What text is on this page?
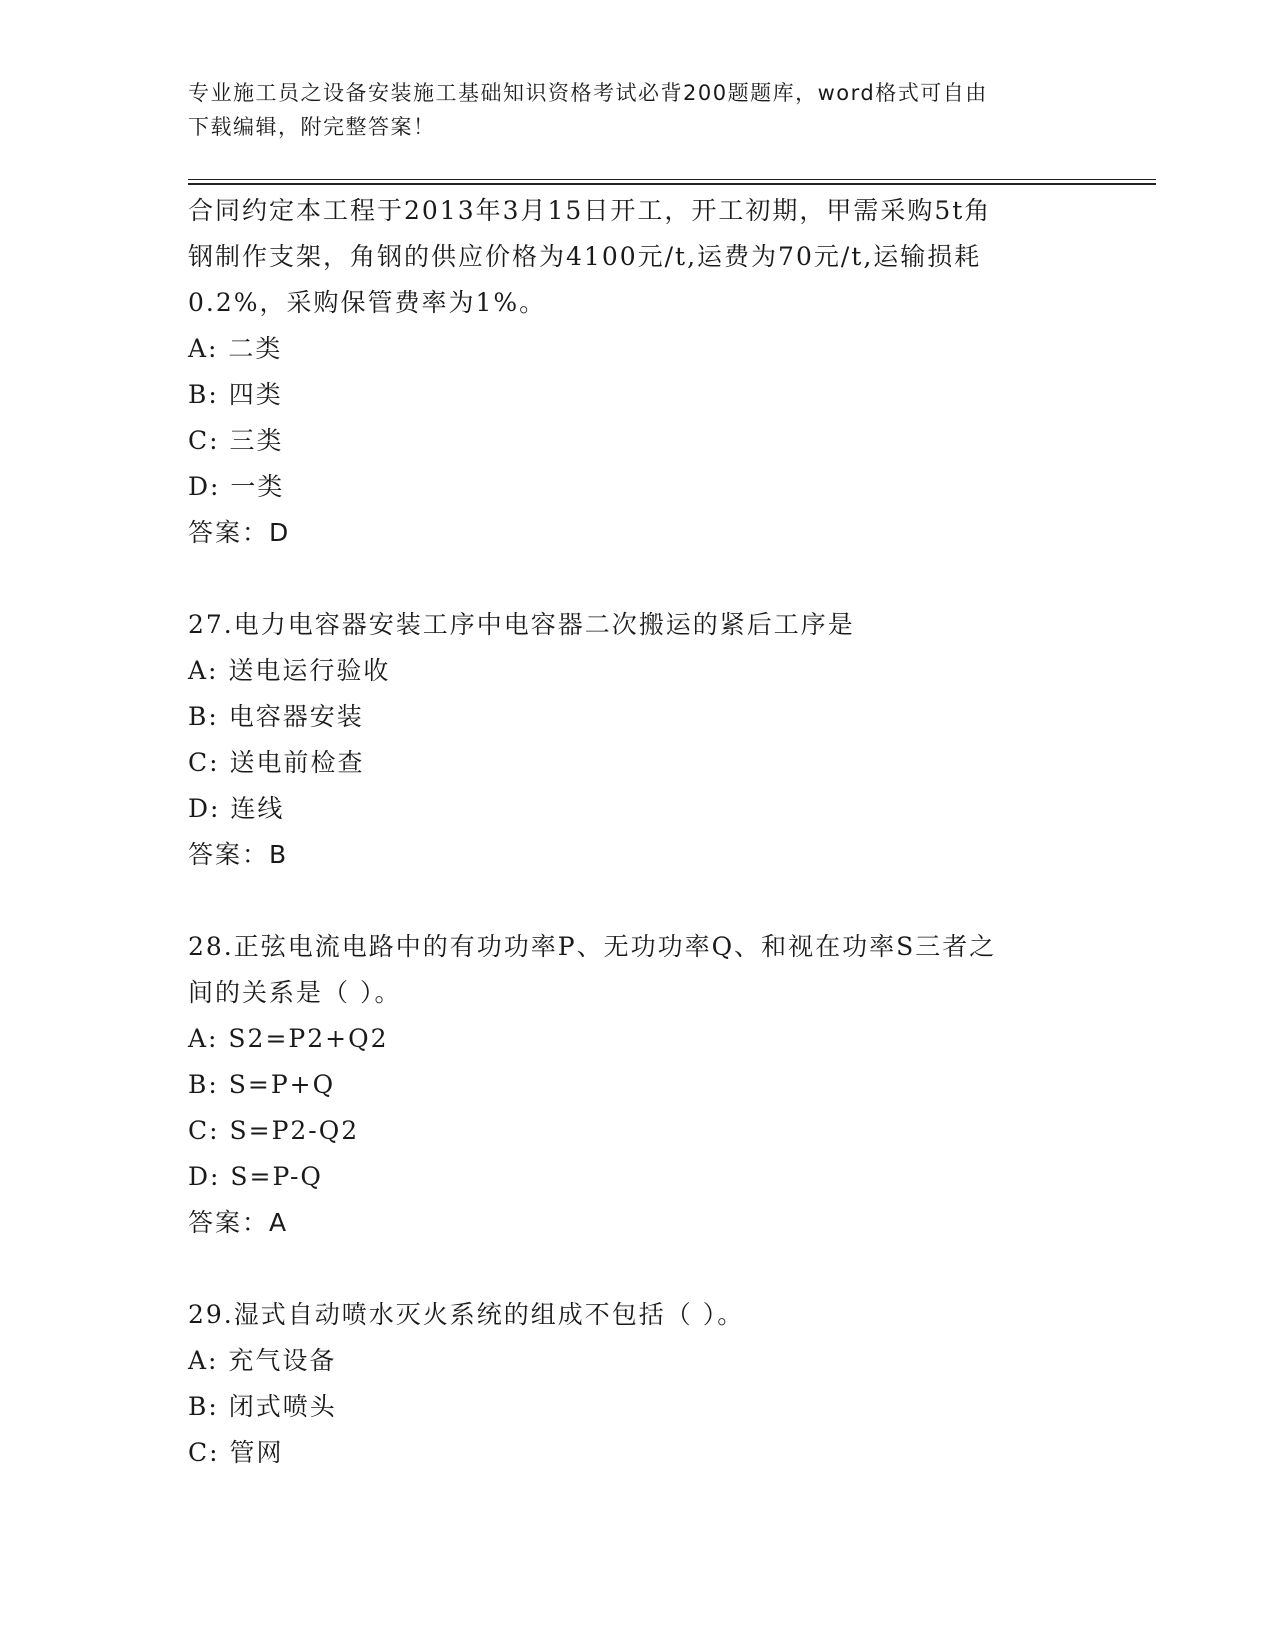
专业施工员之设备安装施工基础知识资格考试必背200题题库，word格式可自由
下载编辑，附完整答案！
合同约定本工程于2013年3月15日开工，开工初期，甲需采购5t角
钢制作支架，角钢的供应价格为4100元/t,运费为70元/t,运输损耗
0.2%，采购保管费率为1%。
A: 二类
B: 四类
C: 三类
D: 一类
答案：D
27.电力电容器安装工序中电容器二次搬运的紧后工序是
A: 送电运行验收
B: 电容器安装
C: 送电前检查
D: 连线
答案：B
28.正弦电流电路中的有功功率P、无功功率Q、和视在功率S三者之
间的关系是（ ）。
A: S2=P2+Q2
B: S=P+Q
C: S=P2-Q2
D: S=P-Q
答案：A
29.湿式自动喷水灭火系统的组成不包括（ ）。
A: 充气设备
B: 闭式喷头
C: 管网
